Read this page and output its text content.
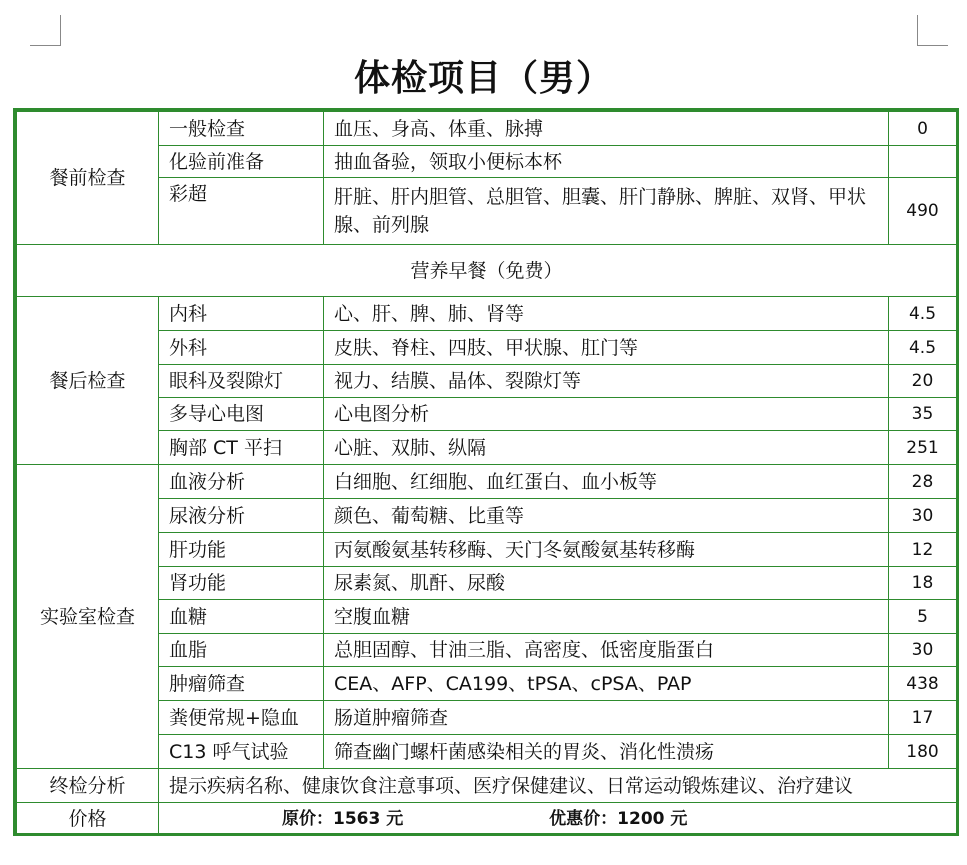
体检项目（男）
餐前检查	一般检查	血压、身高、体重、脉搏	0
	化验前准备	抽血备验，领取小便标本杯	
	彩超	肝脏、肝内胆管、总胆管、胆囊、肝门静脉、脾脏、双肾、甲状腺、前列腺	490
营养早餐（免费）			
餐后检查	内科	心、肝、脾、肺、肾等	4.5
	外科	皮肤、脊柱、四肢、甲状腺、肛门等	4.5
	眼科及裂隙灯	视力、结膜、晶体、裂隙灯等	20
	多导心电图	心电图分析	35
	胸部 CT 平扫	心脏、双肺、纵隔	251
实验室检查	血液分析	白细胞、红细胞、血红蛋白、血小板等	28
	尿液分析	颜色、葡萄糖、比重等	30
	肝功能	丙氨酸氨基转移酶、天门冬氨酸氨基转移酶	12
	肾功能	尿素氮、肌酐、尿酸	18
	血糖	空腹血糖	5
	血脂	总胆固醇、甘油三脂、高密度、低密度脂蛋白	30
	肿瘤筛查	CEA、AFP、CA199、tPSA、cPSA、PAP	438
	粪便常规+隐血	肠道肿瘤筛查	17
	C13 呼气试验	筛查幽门螺杆菌感染相关的胃炎、消化性溃疡	180
终检分析	提示疾病名称、健康饮食注意事项、医疗保健建议、日常运动锻炼建议、治疗建议		
价格	原价：1563 元 优惠价：1200 元		
